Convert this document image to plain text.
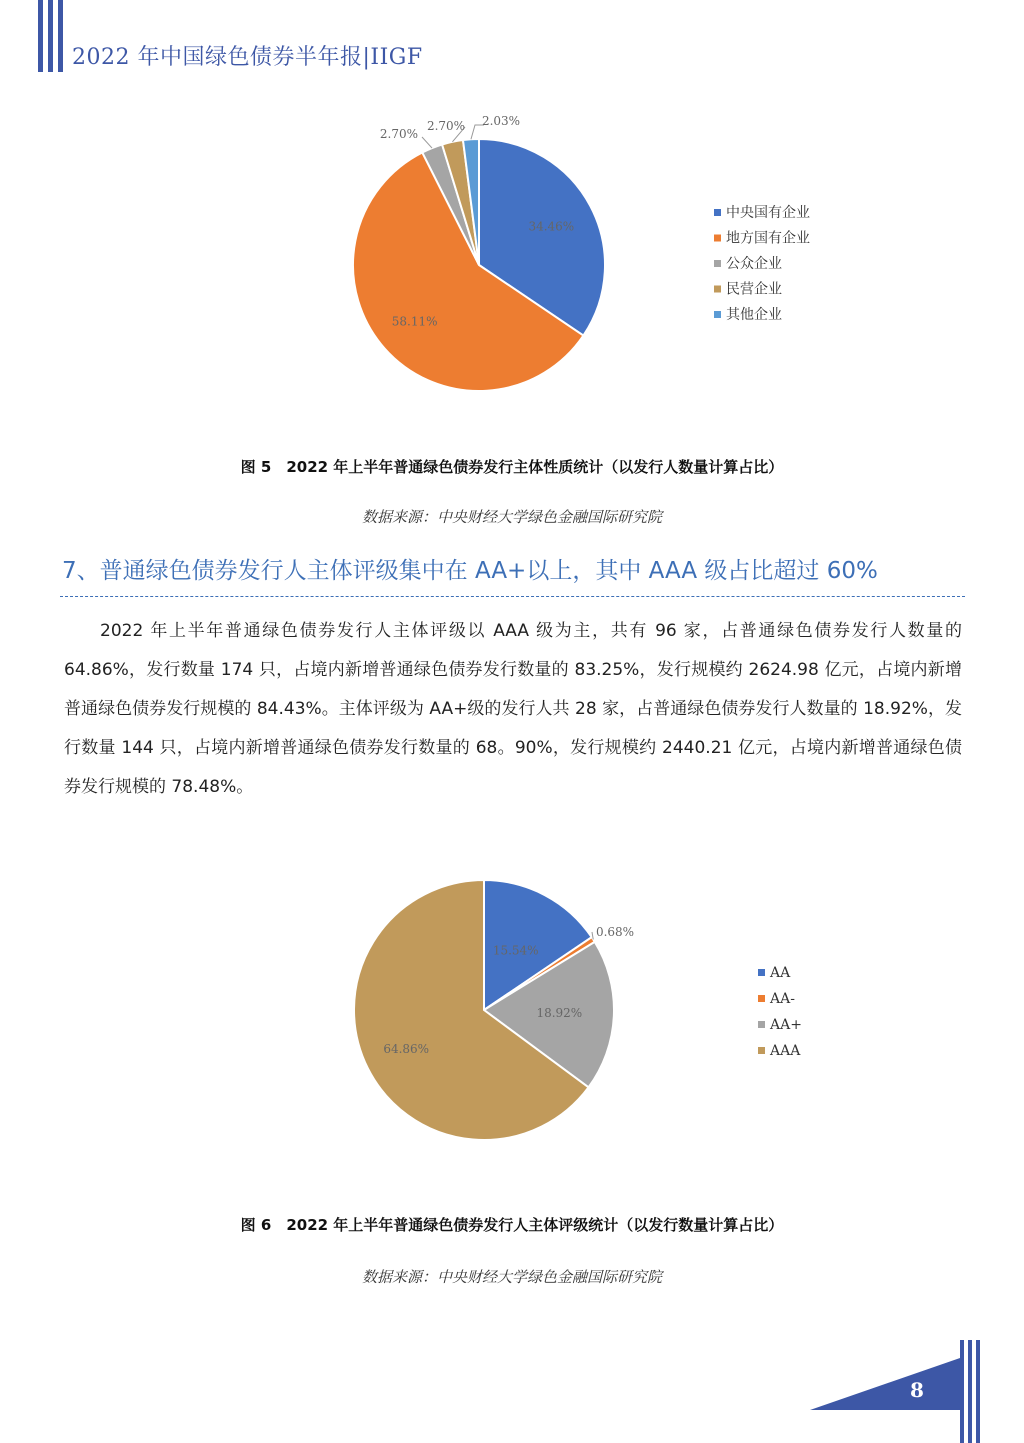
2022 年中国绿色债券半年报|IIGF
34.46%
58.11%
2.70%
2.70% 2.03%
中央国有企业
地方国有企业
公众企业
民营企业
其他企业
图 5　2022 年上半年普通绿色债券发行主体性质统计（以发行人数量计算占比）
数据来源：中央财经大学绿色金融国际研究院
7、普通绿色债券发行人主体评级集中在 AA+以上，其中 AAA 级占比超过 60%

2022 年上半年普通绿色债券发行人主体评级以 AAA 级为主，共有 96 家，占普通绿色债券发行人数量的 64.86%，发行数量 174 只，占境内新增普通绿色债券发行数量的 83.25%，发行规模约 2624.98 亿元，占境内新增普通绿色债券发行规模的 84.43%。主体评级为 AA+级的发行人共 28 家，占普通绿色债券发行人数量的 18.92%，发行数量 144 只，占境内新增普通绿色债券发行数量的 68。90%，发行规模约 2440.21 亿元，占境内新增普通绿色债券发行规模的 78.48%。

15.54%
0.68%
18.92%
64.86%
AA
AA-
AA+
AAA
图 6　2022 年上半年普通绿色债券发行人主体评级统计（以发行数量计算占比）
数据来源：中央财经大学绿色金融国际研究院
8
